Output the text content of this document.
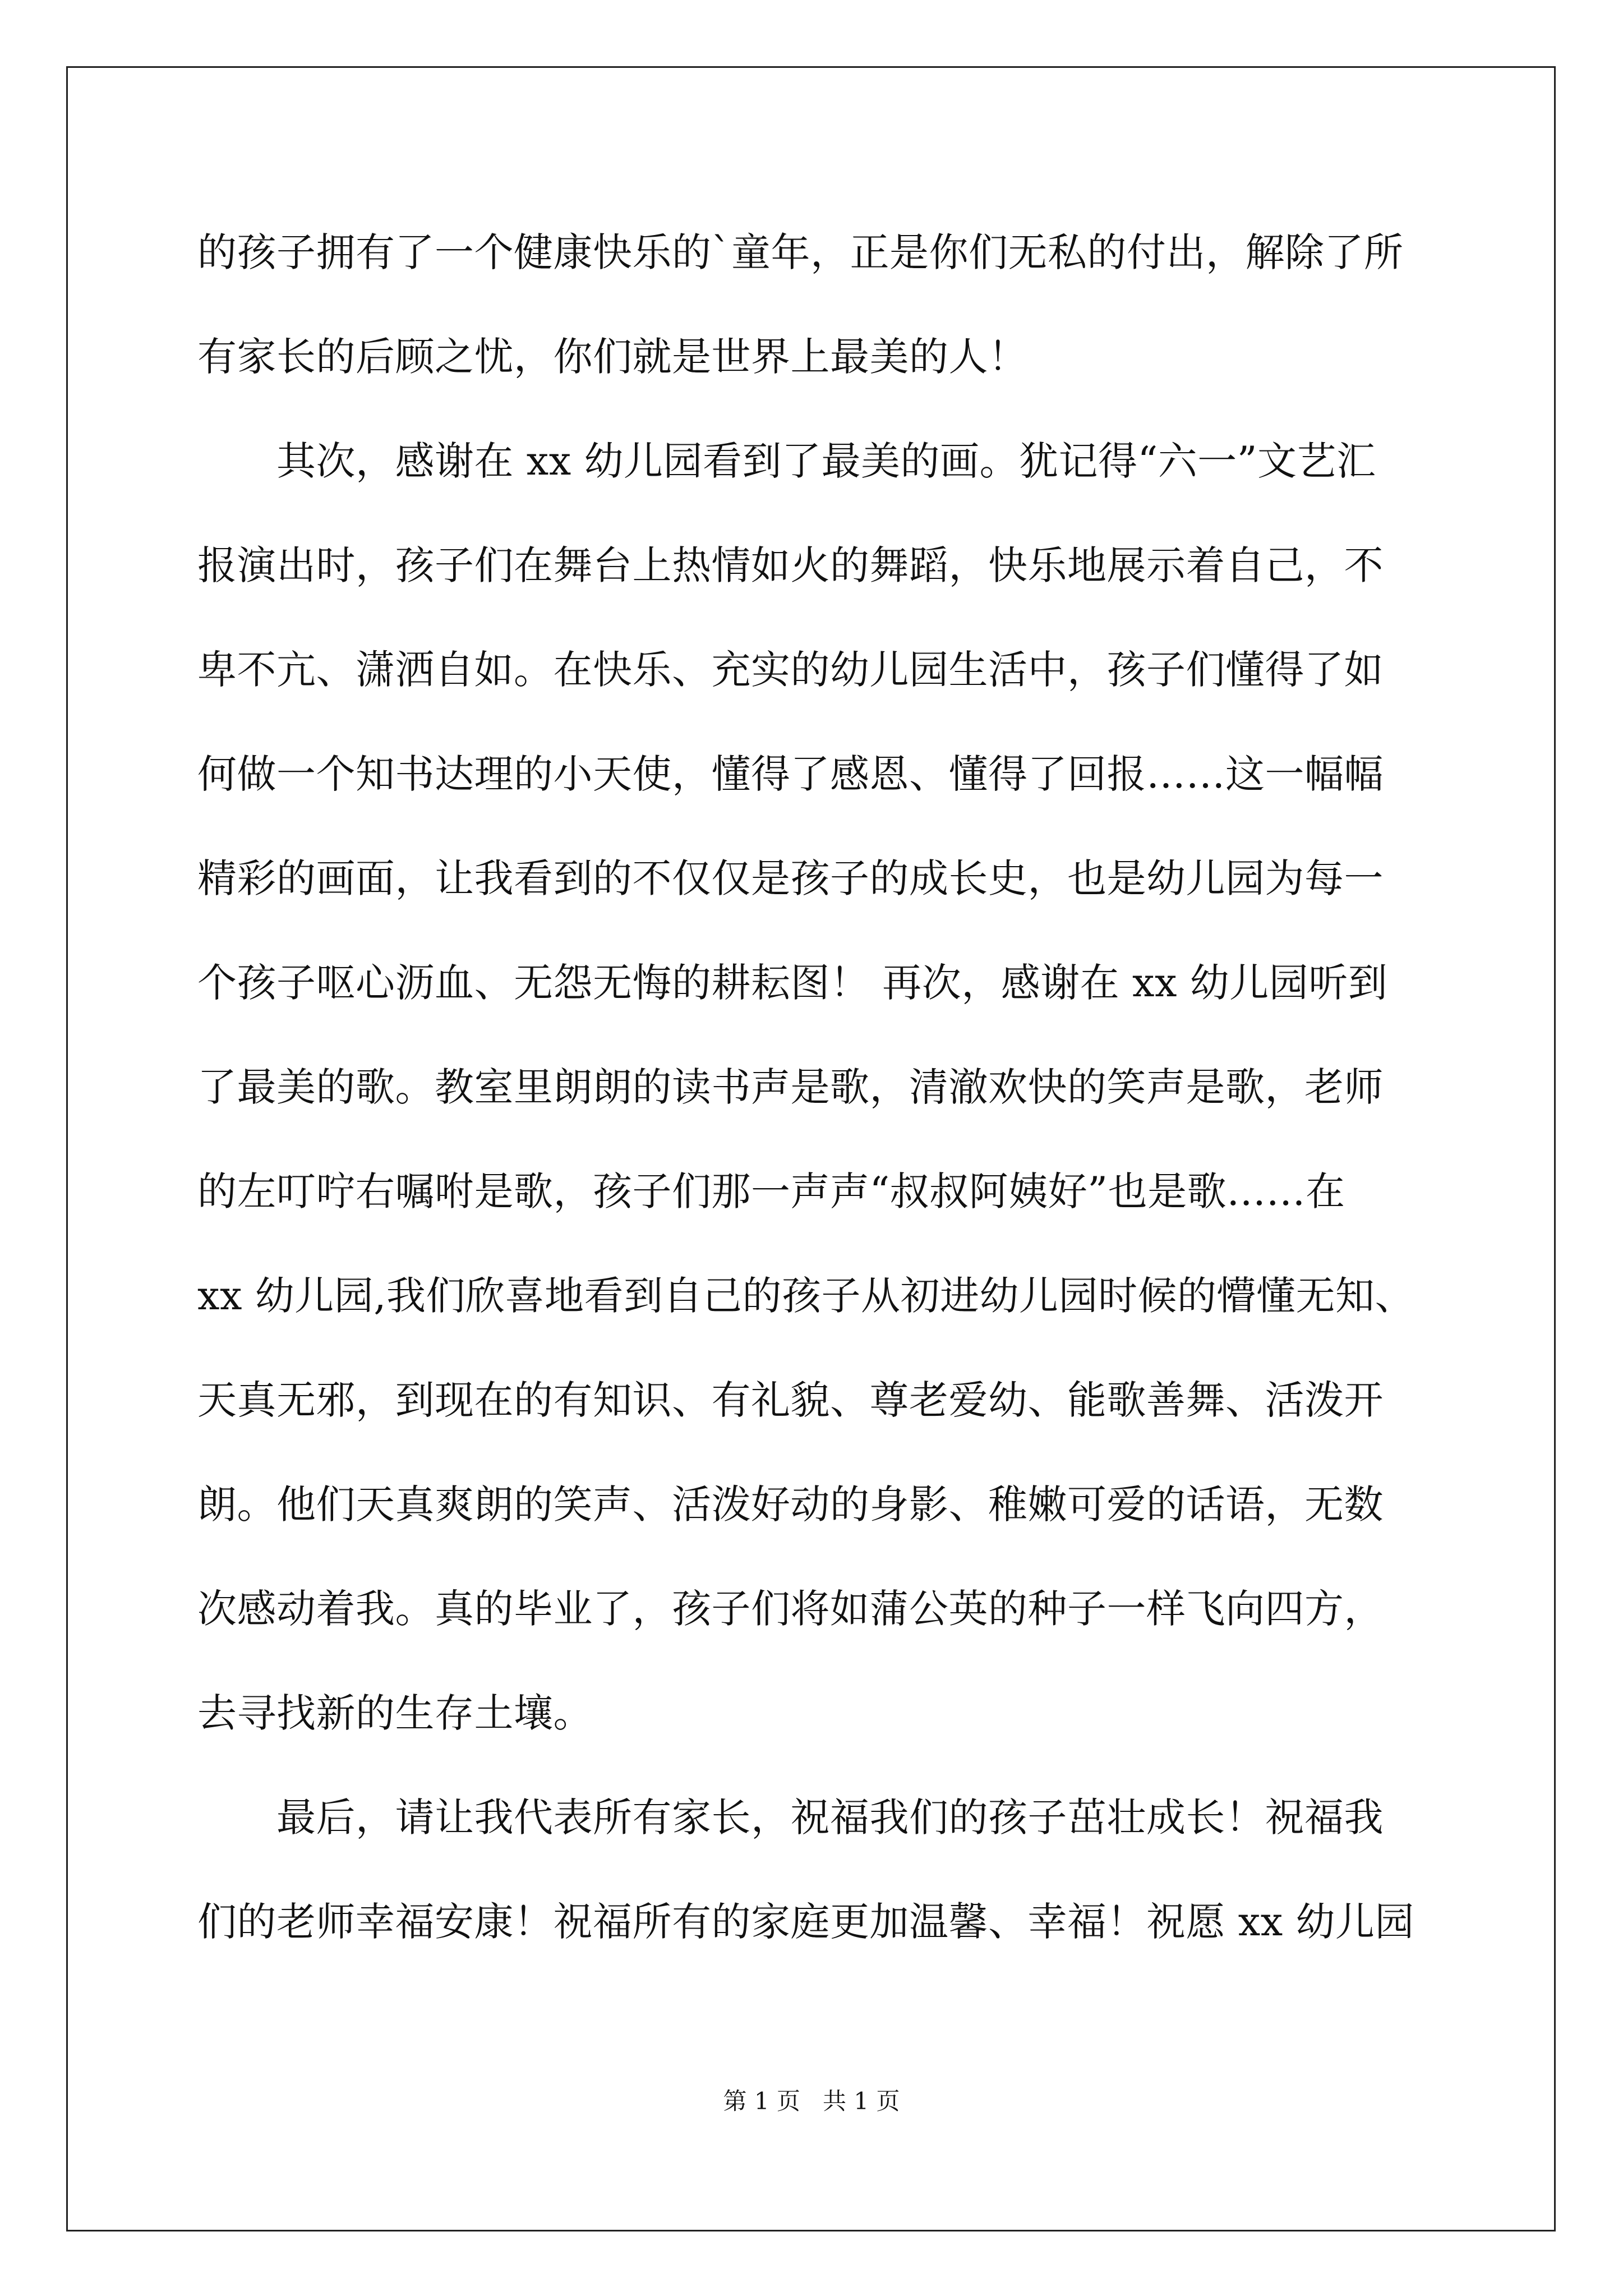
的孩子拥有了一个健康快乐的`童年，正是你们无私的付出，解除了所
有家长的后顾之忧，你们就是世界上最美的人！
　　其次，感谢在 xx 幼儿园看到了最美的画。犹记得“六一”文艺汇
报演出时，孩子们在舞台上热情如火的舞蹈，快乐地展示着自己，不
卑不亢、潇洒自如。在快乐、充实的幼儿园生活中，孩子们懂得了如
何做一个知书达理的小天使，懂得了感恩、懂得了回报……这一幅幅
精彩的画面，让我看到的不仅仅是孩子的成长史，也是幼儿园为每一
个孩子呕心沥血、无怨无悔的耕耘图！ 再次，感谢在 xx 幼儿园听到
了最美的歌。教室里朗朗的读书声是歌，清澈欢快的笑声是歌，老师
的左叮咛右嘱咐是歌，孩子们那一声声“叔叔阿姨好”也是歌……在
xx 幼儿园,我们欣喜地看到自己的孩子从初进幼儿园时候的懵懂无知、
天真无邪，到现在的有知识、有礼貌、尊老爱幼、能歌善舞、活泼开
朗。他们天真爽朗的笑声、活泼好动的身影、稚嫩可爱的话语，无数
次感动着我。真的毕业了，孩子们将如蒲公英的种子一样飞向四方，
去寻找新的生存土壤。
　　最后，请让我代表所有家长，祝福我们的孩子茁壮成长！祝福我
们的老师幸福安康！祝福所有的家庭更加温馨、幸福！祝愿 xx 幼儿园
第 1 页   共 1 页
